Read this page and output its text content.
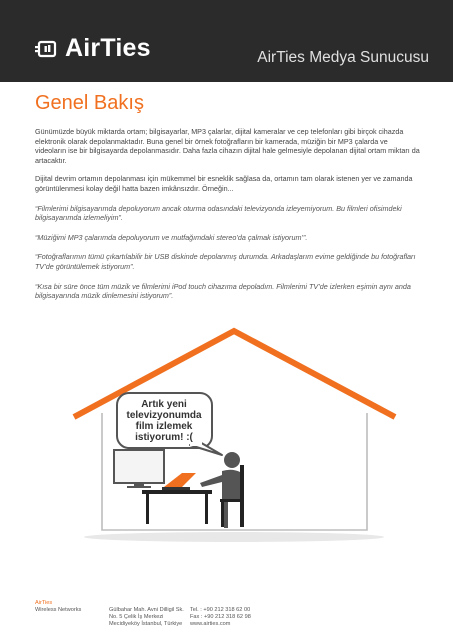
AirTies	AirTies Medya Sunucusu
Genel Bakış

Günümüzde büyük miktarda ortam; bilgisayarlar, MP3 çalarlar, dijital kameralar ve cep telefonları gibi birçok cihazda elektronik olarak depolanmaktadır. Buna genel bir örnek fotoğrafların bir kamerada, müziğin bir MP3 çalarda ve videoların ise bir bilgisayarda depolanmasıdır. Daha fazla cihazın dijital hale gelmesiyle depolanan dijital ortam miktarı da artacaktır.

Dijital devrim ortamın depolanması için mükemmel bir esneklik sağlasa da, ortamın tam olarak istenen yer ve zamanda görüntülenmesi kolay değil hatta bazen imkânsızdır. Örneğin...

“Filmlerimi bilgisayarımda depoluyorum ancak oturma odasındaki televizyonda izleyemiyorum. Bu filmleri ofisimdeki bilgisayarımda izlemeliyim”.

“Müziğimi MP3 çalarımda depoluyorum ve mutfağımdaki stereo’da çalmak istiyorum’”.

“Fotoğraflarımın tümü çıkartılabilir bir USB diskinde depolanmış durumda. Arkadaşlarım evime geldiğinde bu fotoğrafları TV’de görüntülemek istiyorum”.

“Kısa bir süre önce tüm müzik ve filmlerimi iPod touch cihazıma depoladım. Filmlerimi TV’de izlerken eşimin aynı anda bilgisayarında müzik dinlemesini istiyorum”.

Artık yeni
televizyonumda
film izlemek
istiyorum! :(
AirTies
Wireless Networks	Gülbahar Mah. Avni Dilligil Sk.
No. 5 Çelik İş Merkezi
Mecidiyeköy İstanbul, Türkiye
Tel. : +90 212 318 62 00
Fax : +90 212 318 62 98
www.airties.com
